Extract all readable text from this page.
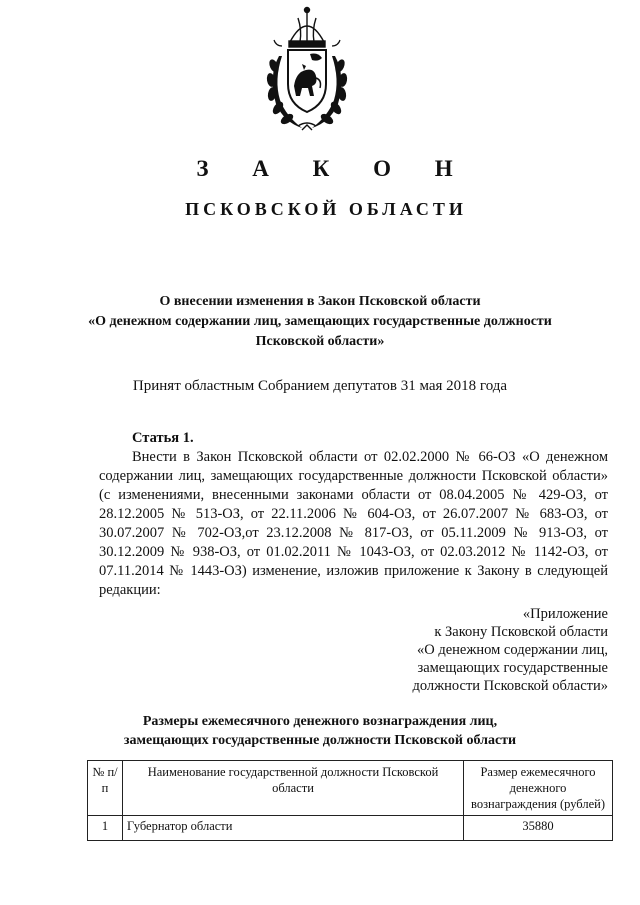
З А К О Н
ПСКОВСКОЙ ОБЛАСТИ
О внесении изменения в Закон Псковской области
«О денежном содержании лиц, замещающих государственные должности
Псковской области»
Принят областным Собранием депутатов 31 мая 2018 года
Статья 1.

Внести в Закон Псковской области от 02.02.2000 № 66-ОЗ «О денежном содержании лиц, замещающих государственные должности Псковской области» (с изменениями, внесенными законами области от 08.04.2005 № 429-ОЗ, от 28.12.2005 № 513-ОЗ, от 22.11.2006 № 604-ОЗ, от 26.07.2007 № 683-ОЗ, от 30.07.2007 № 702-ОЗ,от 23.12.2008 № 817-ОЗ, от 05.11.2009 № 913-ОЗ, от 30.12.2009 № 938-ОЗ, от 01.02.2011 № 1043-ОЗ, от 02.03.2012 № 1142-ОЗ, от 07.11.2014 № 1443-ОЗ) изменение, изложив приложение к Закону в следующей редакции:

«Приложение
к Закону Псковской области
«О денежном содержании лиц,
замещающих государственные
должности Псковской области»
Размеры ежемесячного денежного вознаграждения лиц,
замещающих государственные должности Псковской области
№ п/п	Наименование государственной должности Псковской области	Размер ежемесячного денежного вознаграждения (рублей)
1	Губернатор области	35880
